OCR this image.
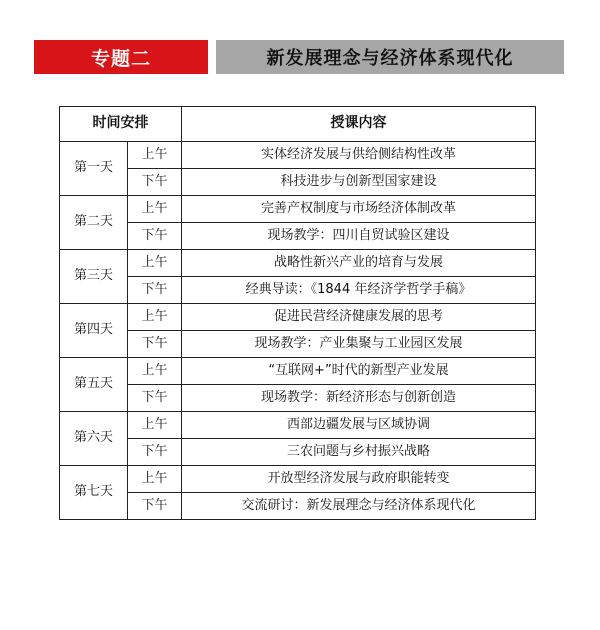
专题二	新发展理念与经济体系现代化
时间安排		授课内容
第一天	上午	实体经济发展与供给侧结构性改革
	下午	科技进步与创新型国家建设
第二天	上午	完善产权制度与市场经济体制改革
	下午	现场教学：四川自贸试验区建设
第三天	上午	战略性新兴产业的培育与发展
	下午	经典导读：《1844 年经济学哲学手稿》
第四天	上午	促进民营经济健康发展的思考
	下午	现场教学：产业集聚与工业园区发展
第五天	上午	“互联网+”时代的新型产业发展
	下午	现场教学：新经济形态与创新创造
第六天	上午	西部边疆发展与区域协调
	下午	三农问题与乡村振兴战略
第七天	上午	开放型经济发展与政府职能转变
	下午	交流研讨：新发展理念与经济体系现代化
